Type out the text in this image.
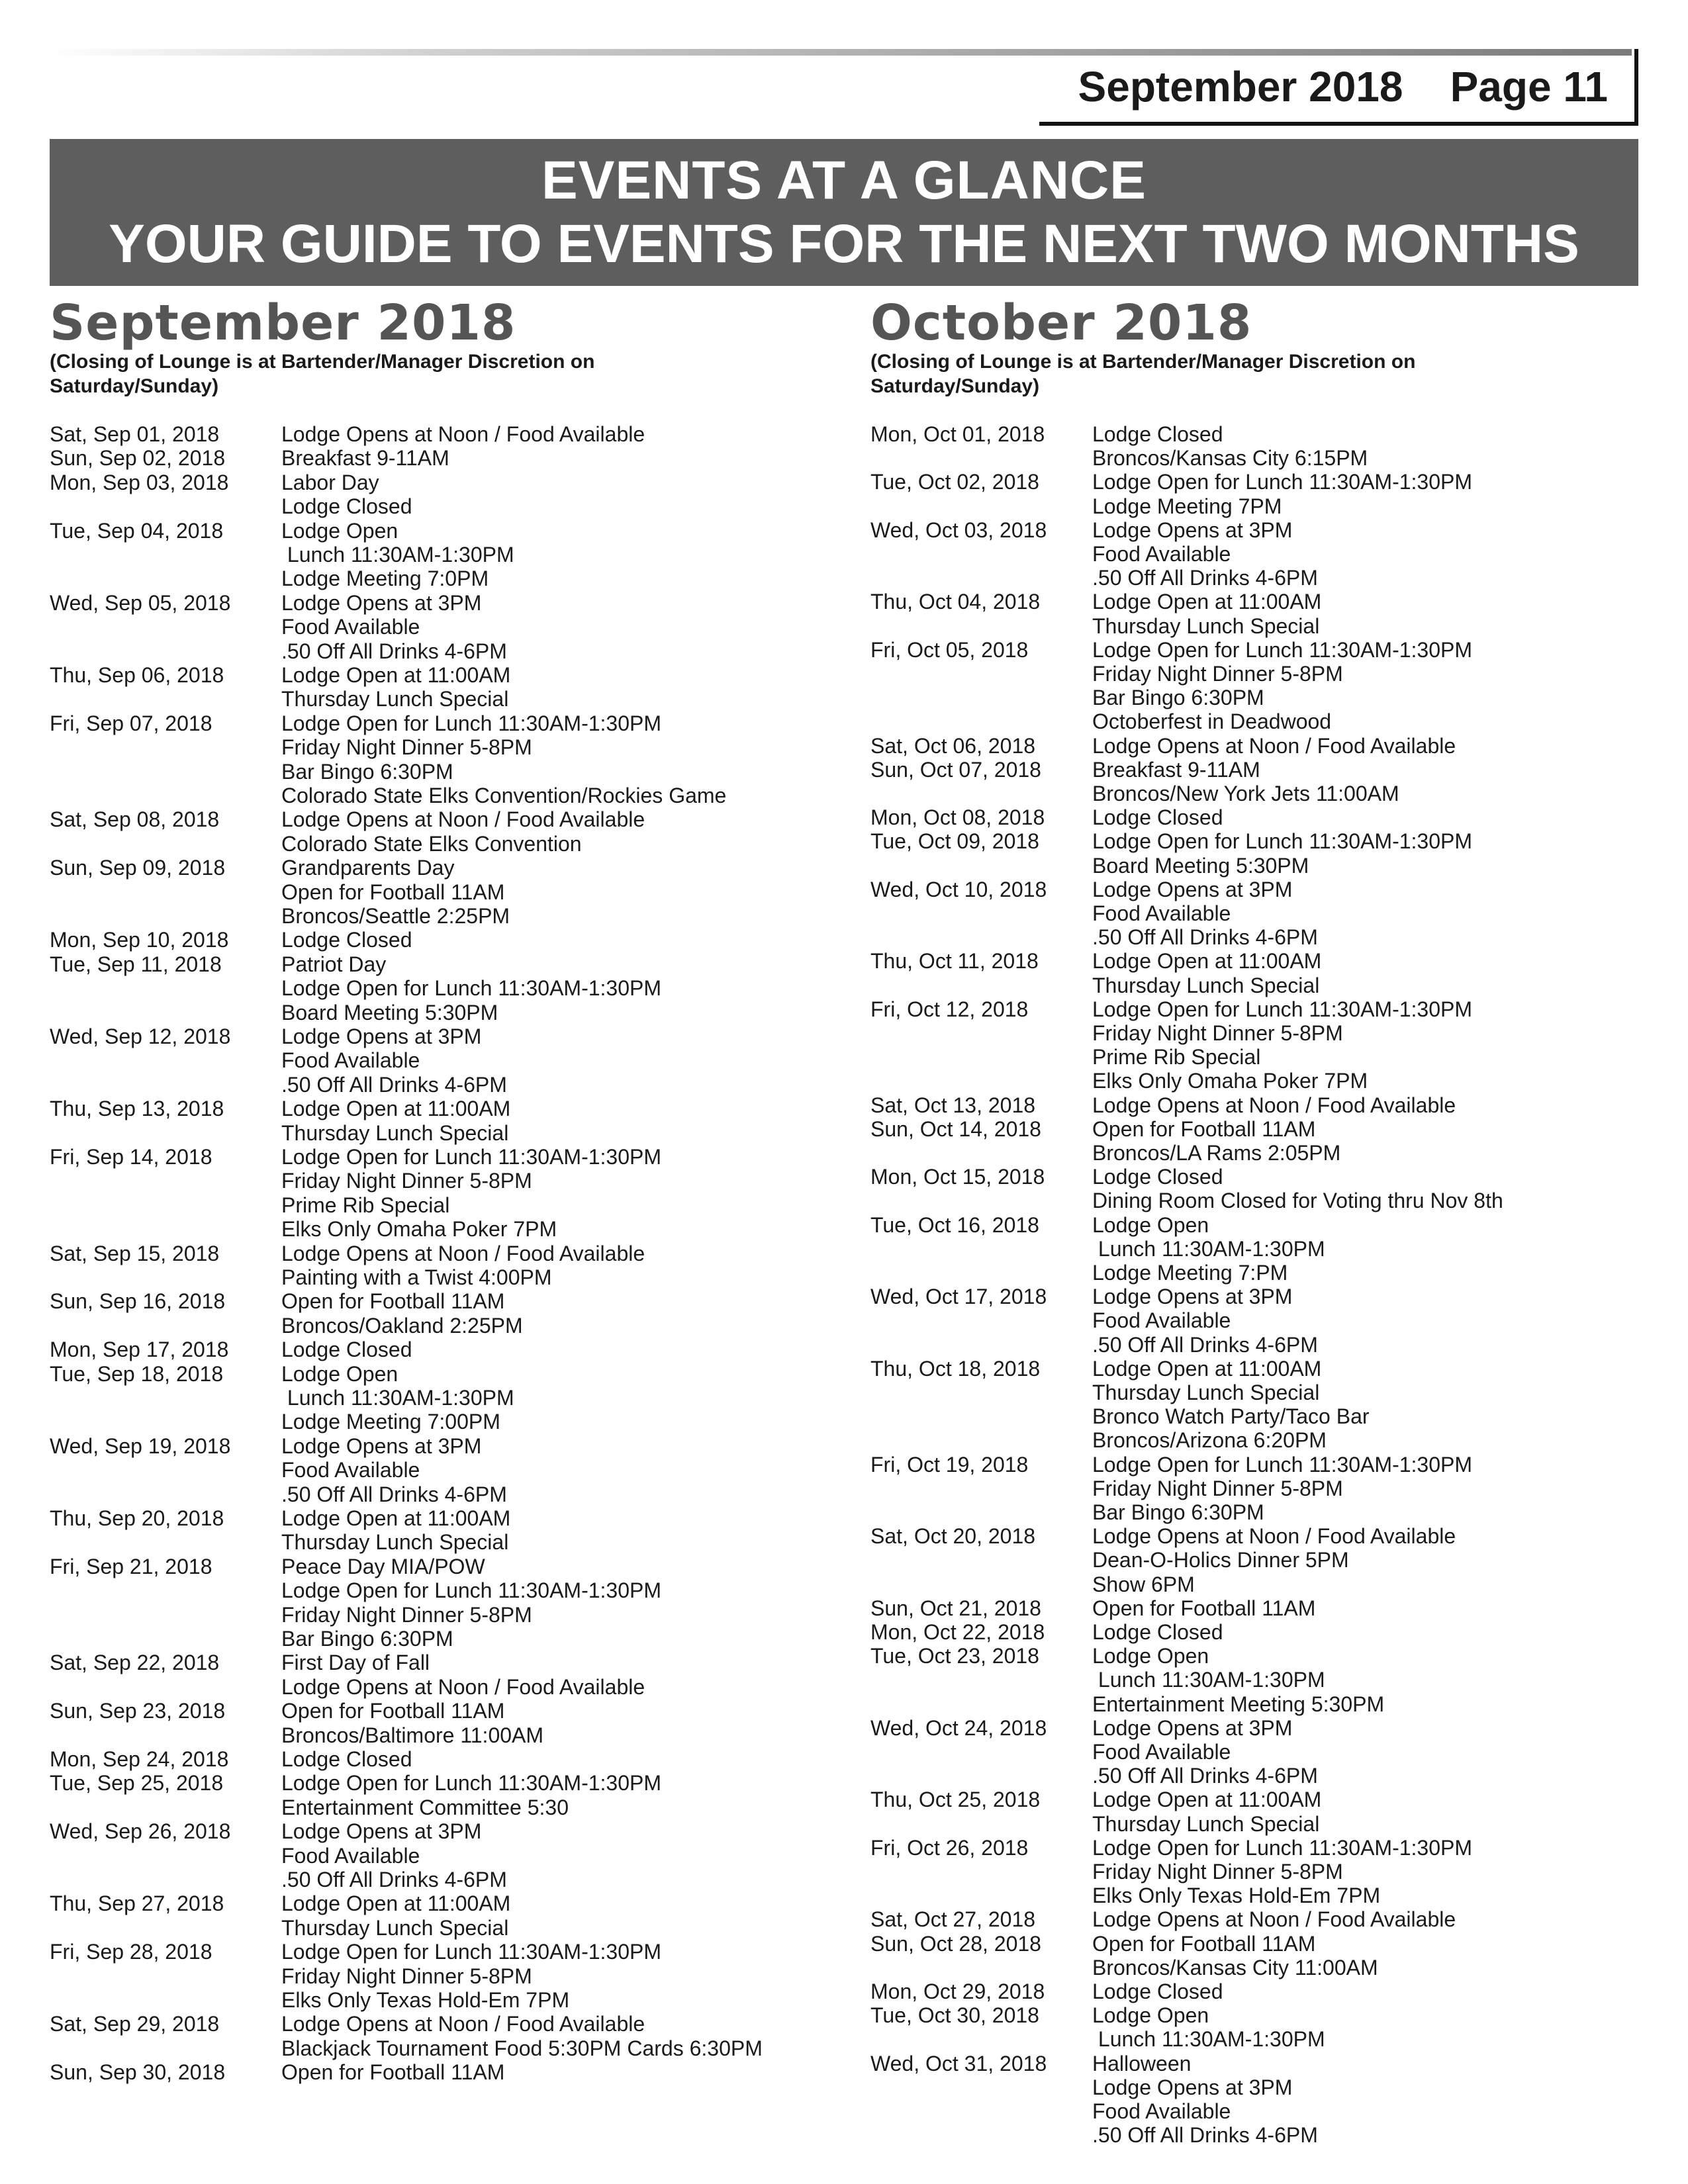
September 2018    Page 11
EVENTS AT A GLANCE
YOUR GUIDE TO EVENTS FOR THE NEXT TWO MONTHS
September 2018
(Closing of Lounge is at Bartender/Manager Discretion on Saturday/Sunday)
Sat, Sep 01, 2018	Lodge Opens at Noon / Food Available
Sun, Sep 02, 2018	Breakfast 9-11AM
Mon, Sep 03, 2018 Labor Day
Lodge Closed
Tue, Sep 04, 2018	Lodge Open
Lunch 11:30AM-1:30PM
Lodge Meeting 7:0PM
Wed, Sep 05, 2018 Lodge Opens at 3PM
Food Available
.50 Off All Drinks 4-6PM
Thu, Sep 06, 2018	Lodge Open at 11:00AM
Thursday Lunch Special
Fri, Sep 07, 2018	Lodge Open for Lunch 11:30AM-1:30PM
Friday Night Dinner 5-8PM
Bar Bingo 6:30PM
Colorado State Elks Convention/Rockies Game
Sat, Sep 08, 2018	Lodge Opens at Noon / Food Available
Colorado State Elks Convention
Sun, Sep 09, 2018	Grandparents Day
Open for Football 11AM
Broncos/Seattle 2:25PM
Mon, Sep 10, 2018 Lodge Closed
Tue, Sep 11, 2018	Patriot Day
Lodge Open for Lunch 11:30AM-1:30PM
Board Meeting 5:30PM
Wed, Sep 12, 2018 Lodge Opens at 3PM
Food Available
.50 Off All Drinks 4-6PM
Thu, Sep 13, 2018	Lodge Open at 11:00AM
Thursday Lunch Special
Fri, Sep 14, 2018	Lodge Open for Lunch 11:30AM-1:30PM
Friday Night Dinner 5-8PM
Prime Rib Special
Elks Only Omaha Poker 7PM
Sat, Sep 15, 2018	Lodge Opens at Noon / Food Available
Painting with a Twist 4:00PM
Sun, Sep 16, 2018	Open for Football 11AM
Broncos/Oakland 2:25PM
Mon, Sep 17, 2018 Lodge Closed
Tue, Sep 18, 2018	Lodge Open
Lunch 11:30AM-1:30PM
Lodge Meeting 7:00PM
Wed, Sep 19, 2018 Lodge Opens at 3PM
Food Available
.50 Off All Drinks 4-6PM
Thu, Sep 20, 2018	Lodge Open at 11:00AM
Thursday Lunch Special
Fri, Sep 21, 2018	Peace Day MIA/POW
Lodge Open for Lunch 11:30AM-1:30PM
Friday Night Dinner 5-8PM
Bar Bingo 6:30PM
Sat, Sep 22, 2018	First Day of Fall
Lodge Opens at Noon / Food Available
Sun, Sep 23, 2018	Open for Football 11AM
Broncos/Baltimore 11:00AM
Mon, Sep 24, 2018 Lodge Closed
Tue, Sep 25, 2018	Lodge Open for Lunch 11:30AM-1:30PM
Entertainment Committee 5:30
Wed, Sep 26, 2018 Lodge Opens at 3PM
Food Available
.50 Off All Drinks 4-6PM
Thu, Sep 27, 2018	Lodge Open at 11:00AM
Thursday Lunch Special
Fri, Sep 28, 2018	Lodge Open for Lunch 11:30AM-1:30PM
Friday Night Dinner 5-8PM
Elks Only Texas Hold-Em 7PM
Sat, Sep 29, 2018	Lodge Opens at Noon / Food Available
Blackjack Tournament Food 5:30PM Cards 6:30PM
Sun, Sep 30, 2018	Open for Football 11AM
October 2018
(Closing of Lounge is at Bartender/Manager Discretion on Saturday/Sunday)
Mon, Oct 01, 2018 Lodge Closed
Broncos/Kansas City 6:15PM
Tue, Oct 02, 2018	Lodge Open for Lunch 11:30AM-1:30PM
Lodge Meeting 7PM
Wed, Oct 03, 2018 Lodge Opens at 3PM
Food Available
.50 Off All Drinks 4-6PM
Thu, Oct 04, 2018 Lodge Open at 11:00AM
Thursday Lunch Special
Fri, Oct 05, 2018	Lodge Open for Lunch 11:30AM-1:30PM
Friday Night Dinner 5-8PM
Bar Bingo 6:30PM
Octoberfest in Deadwood
Sat, Oct 06, 2018	Lodge Opens at Noon / Food Available
Sun, Oct 07, 2018 Breakfast 9-11AM
Broncos/New York Jets 11:00AM
Mon, Oct 08, 2018 Lodge Closed
Tue, Oct 09, 2018	Lodge Open for Lunch 11:30AM-1:30PM
Board Meeting 5:30PM
Wed, Oct 10, 2018 Lodge Opens at 3PM
Food Available
.50 Off All Drinks 4-6PM
Thu, Oct 11, 2018	Lodge Open at 11:00AM
Thursday Lunch Special
Fri, Oct 12, 2018	Lodge Open for Lunch 11:30AM-1:30PM
Friday Night Dinner 5-8PM
Prime Rib Special
Elks Only Omaha Poker 7PM
Sat, Oct 13, 2018	Lodge Opens at Noon / Food Available
Sun, Oct 14, 2018 Open for Football 11AM
Broncos/LA Rams 2:05PM
Mon, Oct 15, 2018 Lodge Closed
Dining Room Closed for Voting thru Nov 8th
Tue, Oct 16, 2018	Lodge Open
Lunch 11:30AM-1:30PM
Lodge Meeting 7:PM
Wed, Oct 17, 2018 Lodge Opens at 3PM
Food Available
.50 Off All Drinks 4-6PM
Thu, Oct 18, 2018 Lodge Open at 11:00AM
Thursday Lunch Special
Bronco Watch Party/Taco Bar
Broncos/Arizona 6:20PM
Fri, Oct 19, 2018	Lodge Open for Lunch 11:30AM-1:30PM
Friday Night Dinner 5-8PM
Bar Bingo 6:30PM
Sat, Oct 20, 2018	Lodge Opens at Noon / Food Available
Dean-O-Holics Dinner 5PM
Show 6PM
Sun, Oct 21, 2018 Open for Football 11AM
Mon, Oct 22, 2018 Lodge Closed
Tue, Oct 23, 2018	Lodge Open
Lunch 11:30AM-1:30PM
Entertainment Meeting 5:30PM
Wed, Oct 24, 2018 Lodge Opens at 3PM
Food Available
.50 Off All Drinks 4-6PM
Thu, Oct 25, 2018 Lodge Open at 11:00AM
Thursday Lunch Special
Fri, Oct 26, 2018	Lodge Open for Lunch 11:30AM-1:30PM
Friday Night Dinner 5-8PM
Elks Only Texas Hold-Em 7PM
Sat, Oct 27, 2018	Lodge Opens at Noon / Food Available
Sun, Oct 28, 2018 Open for Football 11AM
Broncos/Kansas City 11:00AM
Mon, Oct 29, 2018 Lodge Closed
Tue, Oct 30, 2018	Lodge Open
Lunch 11:30AM-1:30PM
Wed, Oct 31, 2018 Halloween
Lodge Opens at 3PM
Food Available
.50 Off All Drinks 4-6PM
